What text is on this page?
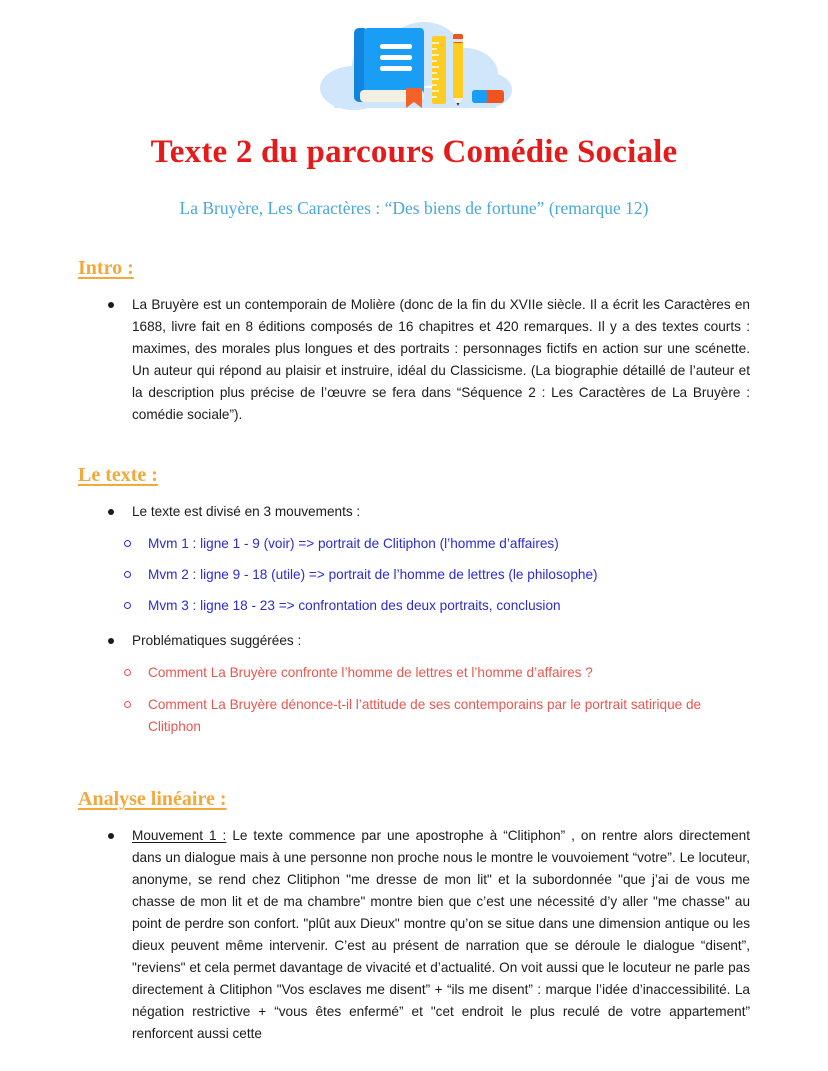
Texte 2 du parcours Comédie Sociale
La Bruyère, Les Caractères : “Des biens de fortune” (remarque 12)
Intro :

La Bruyère est un contemporain de Molière (donc de la fin du XVIIe siècle. Il a écrit les Caractères en 1688, livre fait en 8 éditions composés de 16 chapitres et 420 remarques. Il y a des textes courts : maximes, des morales plus longues et des portraits : personnages fictifs en action sur une scénette. Un auteur qui répond au plaisir et instruire, idéal du Classicisme. (La biographie détaillé de l’auteur et la description plus précise de l’œuvre se fera dans “Séquence 2 : Les Caractères de La Bruyère : comédie sociale”).

Le texte :

Le texte est divisé en 3 mouvements :

Mvm 1 : ligne 1 - 9 (voir) => portrait de Clitiphon (l’homme d’affaires)
Mvm 2 : ligne 9 - 18 (utile) => portrait de l’homme de lettres (le philosophe)
Mvm 3 : ligne 18 - 23 => confrontation des deux portraits, conclusion

Problématiques suggérées :

Comment La Bruyère confronte l’homme de lettres et l’homme d’affaires ?
Comment La Bruyère dénonce-t-il l’attitude de ses contemporains par le portrait satirique de Clitiphon
Analyse linéaire :

Mouvement 1 : Le texte commence par une apostrophe à “Clitiphon” , on rentre alors directement dans un dialogue mais à une personne non proche nous le montre le vouvoiement “votre”. Le locuteur, anonyme, se rend chez Clitiphon "me dresse de mon lit" et la subordonnée "que j’ai de vous me chasse de mon lit et de ma chambre" montre bien que c’est une nécessité d’y aller "me chasse" au point de perdre son confort. "plût aux Dieux" montre qu’on se situe dans une dimension antique ou les dieux peuvent même intervenir. C’est au présent de narration que se déroule le dialogue “disent”, "reviens" et cela permet davantage de vivacité et d’actualité. On voit aussi que le locuteur ne parle pas directement à Clitiphon "Vos esclaves me disent” + “ils me disent” : marque l’idée d’inaccessibilité. La négation restrictive + “vous êtes enfermé” et "cet endroit le plus reculé de votre appartement” renforcent aussi cette
